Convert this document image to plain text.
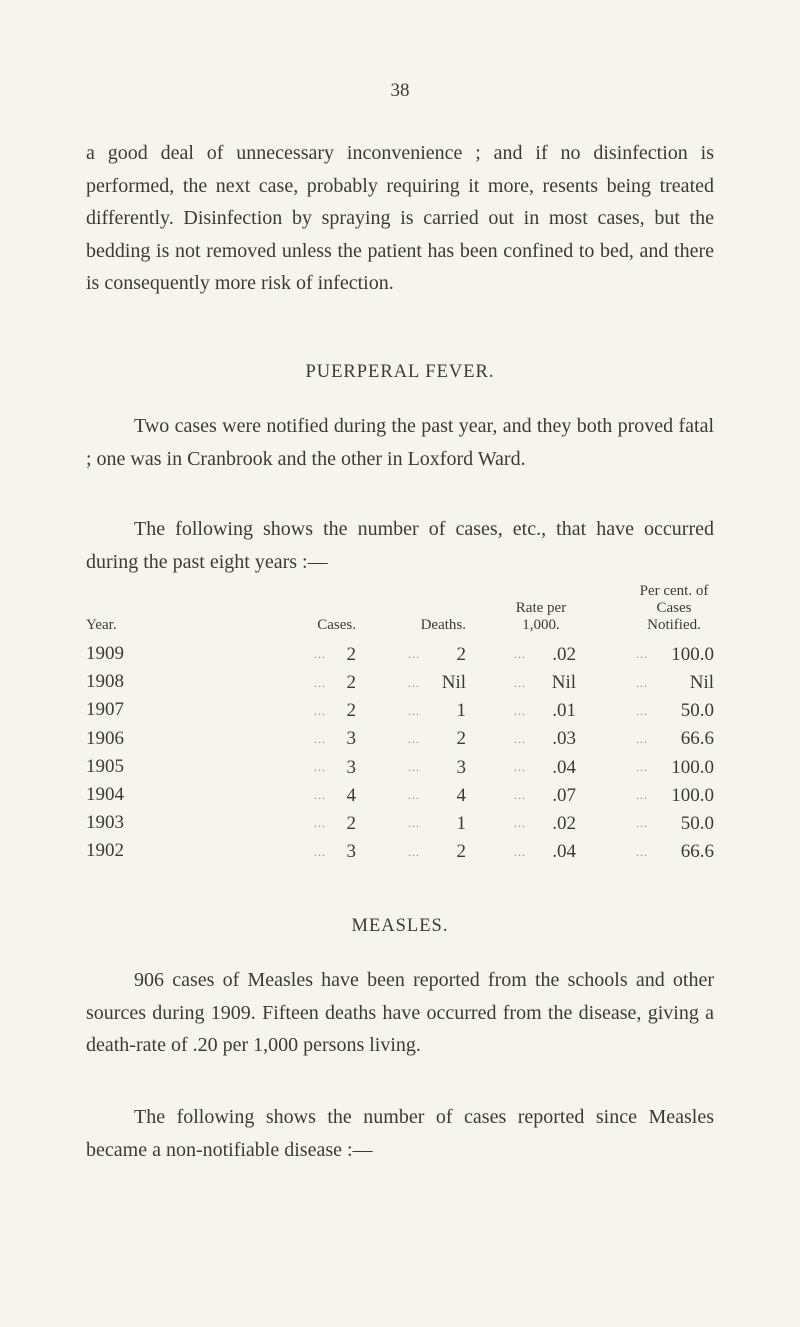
38

a good deal of unnecessary inconvenience ; and if no disinfection is performed, the next case, probably requiring it more, resents being treated differently. Disinfection by spraying is carried out in most cases, but the bedding is not removed unless the patient has been confined to bed, and there is consequently more risk of infection.

PUERPERAL FEVER.

Two cases were notified during the past year, and they both proved fatal ; one was in Cranbrook and the other in Loxford Ward.

The following shows the number of cases, etc., that have occurred during the past eight years :—

Year.	Cases.	Deaths.	Rate per 1,000.	Per cent. of Cases Notified.
1909	... 2	... 2	... .02	... 100.0

1908	... 2	... Nil	... Nil	... Nil

1907	... 2	... 1	... .01	... 50.0

1906	... 3	... 2	... .03	... 66.6

1905	... 3	... 3	... .04	... 100.0

1904	... 4	... 4	... .07	... 100.0

1903	... 2	... 1	... .02	... 50.0

1902	... 3	... 2	... .04	... 66.6
MEASLES.

906 cases of Measles have been reported from the schools and other sources during 1909. Fifteen deaths have occurred from the disease, giving a death-rate of .20 per 1,000 persons living.

The following shows the number of cases reported since Measles became a non-notifiable disease :—
